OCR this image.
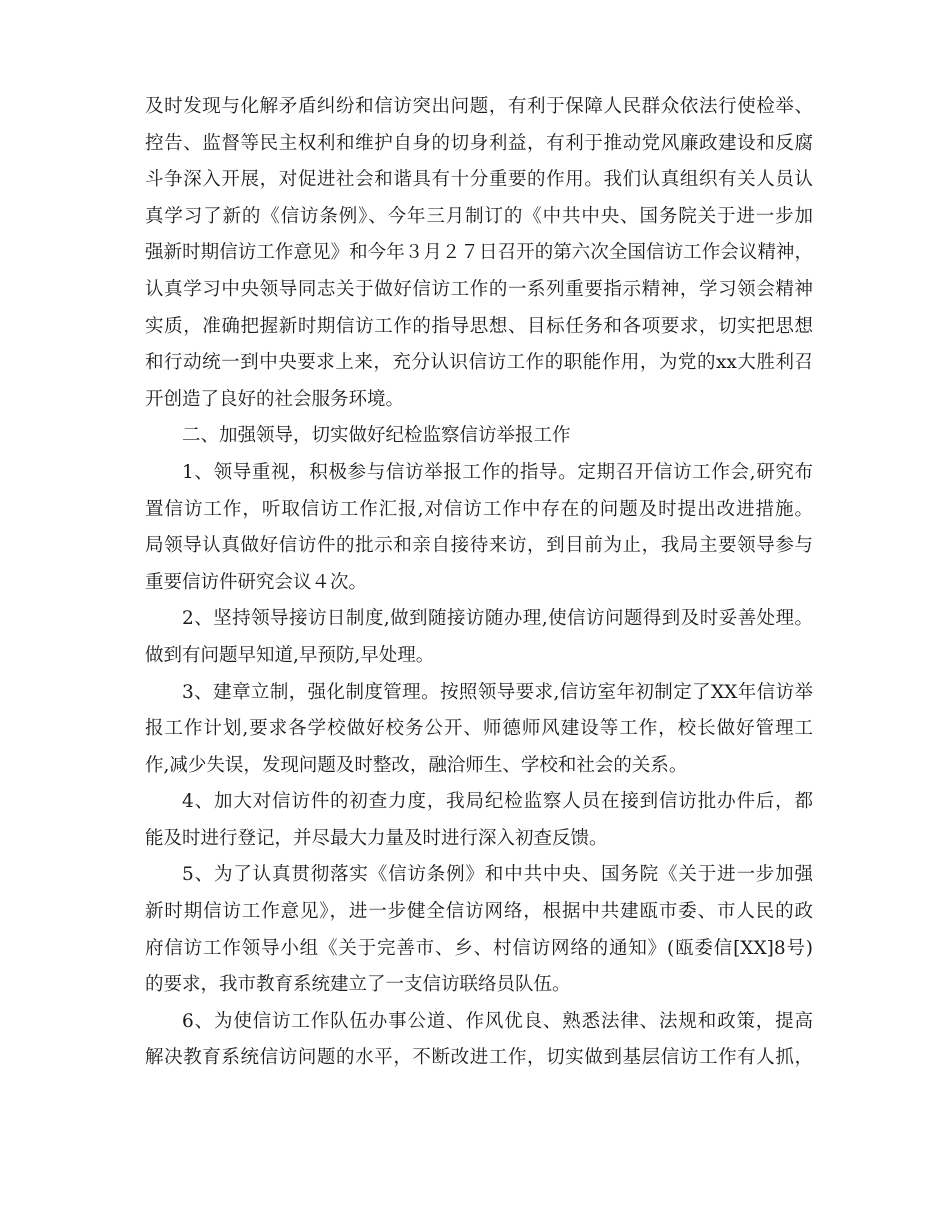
及时发现与化解矛盾纠纷和信访突出问题，有利于保障人民群众依法行使检举、
控告、监督等民主权利和维护自身的切身利益，有利于推动党风廉政建设和反腐
斗争深入开展，对促进社会和谐具有十分重要的作用。我们认真组织有关人员认
真学习了新的《信访条例》、今年三月制订的《中共中央、国务院关于进一步加
强新时期信访工作意见》和今年３月２７日召开的第六次全国信访工作会议精神，
认真学习中央领导同志关于做好信访工作的一系列重要指示精神，学习领会精神
实质，准确把握新时期信访工作的指导思想、目标任务和各项要求，切实把思想
和行动统一到中央要求上来，充分认识信访工作的职能作用，为党的xx大胜利召
开创造了良好的社会服务环境。
二、加强领导，切实做好纪检监察信访举报工作
1、领导重视，积极参与信访举报工作的指导。定期召开信访工作会,研究布
置信访工作，听取信访工作汇报,对信访工作中存在的问题及时提出改进措施。
局领导认真做好信访件的批示和亲自接待来访，到目前为止，我局主要领导参与
重要信访件研究会议４次。
2、坚持领导接访日制度,做到随接访随办理,使信访问题得到及时妥善处理。
做到有问题早知道,早预防,早处理。
3、建章立制，强化制度管理。按照领导要求,信访室年初制定了XX年信访举
报工作计划,要求各学校做好校务公开、师德师风建设等工作，校长做好管理工
作,减少失误，发现问题及时整改，融洽师生、学校和社会的关系。
4、加大对信访件的初查力度，我局纪检监察人员在接到信访批办件后，都
能及时进行登记，并尽最大力量及时进行深入初查反馈。
5、为了认真贯彻落实《信访条例》和中共中央、国务院《关于进一步加强
新时期信访工作意见》，进一步健全信访网络，根据中共建瓯市委、市人民的政
府信访工作领导小组《关于完善市、乡、村信访网络的通知》(瓯委信[XX]8号)
的要求，我市教育系统建立了一支信访联络员队伍。
6、为使信访工作队伍办事公道、作风优良、熟悉法律、法规和政策，提高
解决教育系统信访问题的水平，不断改进工作，切实做到基层信访工作有人抓，
